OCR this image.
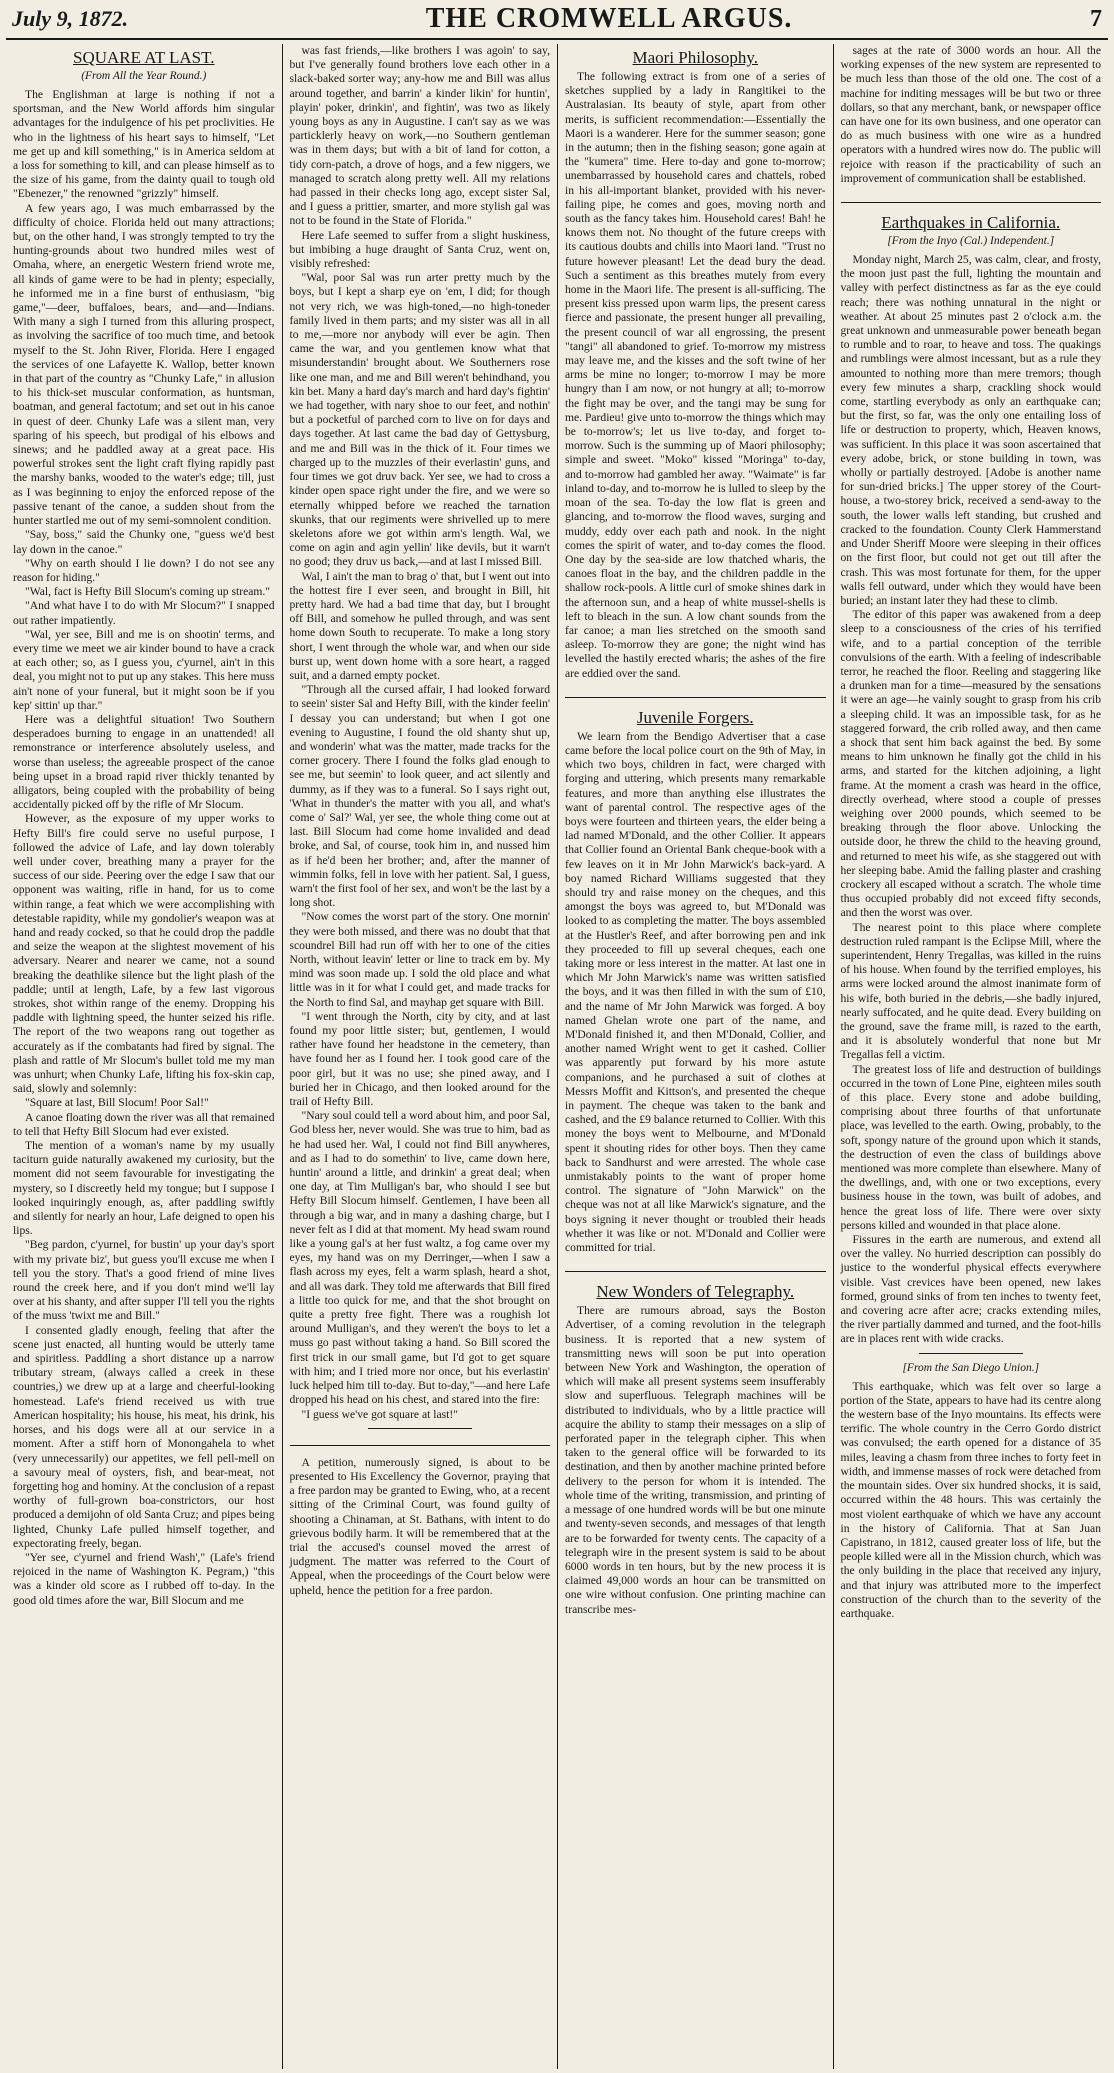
July 9, 1872.	THE CROMWELL ARGUS.	7
SQUARE AT LAST.
(From All the Year Round.)

The Englishman at large is nothing if not a sportsman, and the New World affords him singular advantages for the indulgence of his pet proclivities. He who in the lightness of his heart says to himself, "Let me get up and kill something," is in America seldom at a loss for something to kill, and can please himself as to the size of his game, from the dainty quail to tough old "Ebenezer," the renowned "grizzly" himself.

A few years ago, I was much embarrassed by the difficulty of choice. Florida held out many attractions; but, on the other hand, I was strongly tempted to try the hunting-grounds about two hundred miles west of Omaha, where, an energetic Western friend wrote me, all kinds of game were to be had in plenty; especially, he informed me in a fine burst of enthusiasm, "big game,"—deer, buffaloes, bears, and—and—Indians. With many a sigh I turned from this alluring prospect, as involving the sacrifice of too much time, and betook myself to the St. John River, Florida. Here I engaged the services of one Lafayette K. Wallop, better known in that part of the country as "Chunky Lafe," in allusion to his thick-set muscular conformation, as huntsman, boatman, and general factotum; and set out in his canoe in quest of deer. Chunky Lafe was a silent man, very sparing of his speech, but prodigal of his elbows and sinews; and he paddled away at a great pace. His powerful strokes sent the light craft flying rapidly past the marshy banks, wooded to the water's edge; till, just as I was beginning to enjoy the enforced repose of the passive tenant of the canoe, a sudden shout from the hunter startled me out of my semi-somnolent condition.

"Say, boss," said the Chunky one, "guess we'd best lay down in the canoe."

"Why on earth should I lie down? I do not see any reason for hiding."

"Wal, fact is Hefty Bill Slocum's coming up stream."

"And what have I to do with Mr Slocum?" I snapped out rather impatiently.

"Wal, yer see, Bill and me is on shootin' terms, and every time we meet we air kinder bound to have a crack at each other; so, as I guess you, c'yurnel, ain't in this deal, you might not to put up any stakes. This here muss ain't none of your funeral, but it might soon be if you kep' sittin' up thar."

Here was a delightful situation! Two Southern desperadoes burning to engage in an unattended! all remonstrance or interference absolutely useless, and worse than useless; the agreeable prospect of the canoe being upset in a broad rapid river thickly tenanted by alligators, being coupled with the probability of being accidentally picked off by the rifle of Mr Slocum.

However, as the exposure of my upper works to Hefty Bill's fire could serve no useful purpose, I followed the advice of Lafe, and lay down tolerably well under cover, breathing many a prayer for the success of our side. Peering over the edge I saw that our opponent was waiting, rifle in hand, for us to come within range, a feat which we were accomplishing with detestable rapidity, while my gondolier's weapon was at hand and ready cocked, so that he could drop the paddle and seize the weapon at the slightest movement of his adversary. Nearer and nearer we came, not a sound breaking the deathlike silence but the light plash of the paddle; until at length, Lafe, by a few last vigorous strokes, shot within range of the enemy. Dropping his paddle with lightning speed, the hunter seized his rifle. The report of the two weapons rang out together as accurately as if the combatants had fired by signal. The plash and rattle of Mr Slocum's bullet told me my man was unhurt; when Chunky Lafe, lifting his fox-skin cap, said, slowly and solemnly:

"Square at last, Bill Slocum! Poor Sal!"

A canoe floating down the river was all that remained to tell that Hefty Bill Slocum had ever existed.

The mention of a woman's name by my usually taciturn guide naturally awakened my curiosity, but the moment did not seem favourable for investigating the mystery, so I discreetly held my tongue; but I suppose I looked inquiringly enough, as, after paddling swiftly and silently for nearly an hour, Lafe deigned to open his lips.

"Beg pardon, c'yurnel, for bustin' up your day's sport with my private biz', but guess you'll excuse me when I tell you the story. That's a good friend of mine lives round the creek here, and if you don't mind we'll lay over at his shanty, and after supper I'll tell you the rights of the muss 'twixt me and Bill."

I consented gladly enough, feeling that after the scene just enacted, all hunting would be utterly tame and spiritless. Paddling a short distance up a narrow tributary stream, (always called a creek in these countries,) we drew up at a large and cheerful-looking homestead. Lafe's friend received us with true American hospitality; his house, his meat, his drink, his horses, and his dogs were all at our service in a moment. After a stiff horn of Monongahela to whet (very unnecessarily) our appetites, we fell pell-mell on a savoury meal of oysters, fish, and bear-meat, not forgetting hog and hominy. At the conclusion of a repast worthy of full-grown boa-constrictors, our host produced a demijohn of old Santa Cruz; and pipes being lighted, Chunky Lafe pulled himself together, and expectorating freely, began.

"Yer see, c'yurnel and friend Wash'," (Lafe's friend rejoiced in the name of Washington K. Pegram,) "this was a kinder old score as I rubbed off to-day. In the good old times afore the war, Bill Slocum and me

was fast friends,—like brothers I was agoin' to say, but I've generally found brothers love each other in a slack-baked sorter way; any-how me and Bill was allus around together, and barrin' a kinder likin' for huntin', playin' poker, drinkin', and fightin', was two as likely young boys as any in Augustine. I can't say as we was particklerly heavy on work,—no Southern gentleman was in them days; but with a bit of land for cotton, a tidy corn-patch, a drove of hogs, and a few niggers, we managed to scratch along pretty well. All my relations had passed in their checks long ago, except sister Sal, and I guess a prittier, smarter, and more stylish gal was not to be found in the State of Florida."

Here Lafe seemed to suffer from a slight huskiness, but imbibing a huge draught of Santa Cruz, went on, visibly refreshed:

"Wal, poor Sal was run arter pretty much by the boys, but I kept a sharp eye on 'em, I did; for though not very rich, we was high-toned,—no high-toneder family lived in them parts; and my sister was all in all to me,—more nor anybody will ever be agin. Then came the war, and you gentlemen know what that misunderstandin' brought about. We Southerners rose like one man, and me and Bill weren't behindhand, you kin bet. Many a hard day's march and hard day's fightin' we had together, with nary shoe to our feet, and nothin' but a pocketful of parched corn to live on for days and days together. At last came the bad day of Gettysburg, and me and Bill was in the thick of it. Four times we charged up to the muzzles of their everlastin' guns, and four times we got druv back. Yer see, we had to cross a kinder open space right under the fire, and we were so eternally whipped before we reached the tarnation skunks, that our regiments were shrivelled up to mere skeletons afore we got within arm's length. Wal, we come on agin and agin yellin' like devils, but it warn't no good; they druv us back,—and at last I missed Bill.

Wal, I ain't the man to brag o' that, but I went out into the hottest fire I ever seen, and brought in Bill, hit pretty hard. We had a bad time that day, but I brought off Bill, and somehow he pulled through, and was sent home down South to recuperate. To make a long story short, I went through the whole war, and when our side burst up, went down home with a sore heart, a ragged suit, and a darned empty pocket.

"Through all the cursed affair, I had looked forward to seein' sister Sal and Hefty Bill, with the kinder feelin' I dessay you can understand; but when I got one evening to Augustine, I found the old shanty shut up, and wonderin' what was the matter, made tracks for the corner grocery. There I found the folks glad enough to see me, but seemin' to look queer, and act silently and dummy, as if they was to a funeral. So I says right out, 'What in thunder's the matter with you all, and what's come o' Sal?' Wal, yer see, the whole thing come out at last. Bill Slocum had come home invalided and dead broke, and Sal, of course, took him in, and nussed him as if he'd been her brother; and, after the manner of wimmin folks, fell in love with her patient. Sal, I guess, warn't the first fool of her sex, and won't be the last by a long shot.

"Now comes the worst part of the story. One mornin' they were both missed, and there was no doubt that that scoundrel Bill had run off with her to one of the cities North, without leavin' letter or line to track em by. My mind was soon made up. I sold the old place and what little was in it for what I could get, and made tracks for the North to find Sal, and mayhap get square with Bill.

"I went through the North, city by city, and at last found my poor little sister; but, gentlemen, I would rather have found her headstone in the cemetery, than have found her as I found her. I took good care of the poor girl, but it was no use; she pined away, and I buried her in Chicago, and then looked around for the trail of Hefty Bill.

"Nary soul could tell a word about him, and poor Sal, God bless her, never would. She was true to him, bad as he had used her. Wal, I could not find Bill anywheres, and as I had to do somethin' to live, came down here, huntin' around a little, and drinkin' a great deal; when one day, at Tim Mulligan's bar, who should I see but Hefty Bill Slocum himself. Gentlemen, I have been all through a big war, and in many a dashing charge, but I never felt as I did at that moment. My head swam round like a young gal's at her fust waltz, a fog came over my eyes, my hand was on my Derringer,—when I saw a flash across my eyes, felt a warm splash, heard a shot, and all was dark. They told me afterwards that Bill fired a little too quick for me, and that the shot brought on quite a pretty free fight. There was a roughish lot around Mulligan's, and they weren't the boys to let a muss go past without taking a hand. So Bill scored the first trick in our small game, but I'd got to get square with him; and I tried more nor once, but his everlastin' luck helped him till to-day. But to-day,"—and here Lafe dropped his head on his chest, and stared into the fire:

"I guess we've got square at last!"

A petition, numerously signed, is about to be presented to His Excellency the Governor, praying that a free pardon may be granted to Ewing, who, at a recent sitting of the Criminal Court, was found guilty of shooting a Chinaman, at St. Bathans, with intent to do grievous bodily harm. It will be remembered that at the trial the accused's counsel moved the arrest of judgment. The matter was referred to the Court of Appeal, when the proceedings of the Court below were upheld, hence the petition for a free pardon.

Maori Philosophy.

The following extract is from one of a series of sketches supplied by a lady in Rangitikei to the Australasian. Its beauty of style, apart from other merits, is sufficient recommendation:—Essentially the Maori is a wanderer. Here for the summer season; gone in the autumn; then in the fishing season; gone again at the "kumera" time. Here to-day and gone to-morrow; unembarrassed by household cares and chattels, robed in his all-important blanket, provided with his never-failing pipe, he comes and goes, moving north and south as the fancy takes him. Household cares! Bah! he knows them not. No thought of the future creeps with its cautious doubts and chills into Maori land. "Trust no future however pleasant! Let the dead bury the dead. Such a sentiment as this breathes mutely from every home in the Maori life. The present is all-sufficing. The present kiss pressed upon warm lips, the present caress fierce and passionate, the present hunger all prevailing, the present council of war all engrossing, the present "tangi" all abandoned to grief. To-morrow my mistress may leave me, and the kisses and the soft twine of her arms be mine no longer; to-morrow I may be more hungry than I am now, or not hungry at all; to-morrow the fight may be over, and the tangi may be sung for me. Pardieu! give unto to-morrow the things which may be to-morrow's; let us live to-day, and forget to-morrow. Such is the summing up of Maori philosophy; simple and sweet. "Moko" kissed "Moringa" to-day, and to-morrow had gambled her away. "Waimate" is far inland to-day, and to-morrow he is lulled to sleep by the moan of the sea. To-day the low flat is green and glancing, and to-morrow the flood waves, surging and muddy, eddy over each path and nook. In the night comes the spirit of water, and to-day comes the flood. One day by the sea-side are low thatched wharis, the canoes float in the bay, and the children paddle in the shallow rock-pools. A little curl of smoke shines dark in the afternoon sun, and a heap of white mussel-shells is left to bleach in the sun. A low chant sounds from the far canoe; a man lies stretched on the smooth sand asleep. To-morrow they are gone; the night wind has levelled the hastily erected wharis; the ashes of the fire are eddied over the sand.

Juvenile Forgers.

We learn from the Bendigo Advertiser that a case came before the local police court on the 9th of May, in which two boys, children in fact, were charged with forging and uttering, which presents many remarkable features, and more than anything else illustrates the want of parental control. The respective ages of the boys were fourteen and thirteen years, the elder being a lad named M'Donald, and the other Collier. It appears that Collier found an Oriental Bank cheque-book with a few leaves on it in Mr John Marwick's back-yard. A boy named Richard Williams suggested that they should try and raise money on the cheques, and this amongst the boys was agreed to, but M'Donald was looked to as completing the matter. The boys assembled at the Hustler's Reef, and after borrowing pen and ink they proceeded to fill up several cheques, each one taking more or less interest in the matter. At last one in which Mr John Marwick's name was written satisfied the boys, and it was then filled in with the sum of £10, and the name of Mr John Marwick was forged. A boy named Ghelan wrote one part of the name, and M'Donald finished it, and then M'Donald, Collier, and another named Wright went to get it cashed. Collier was apparently put forward by his more astute companions, and he purchased a suit of clothes at Messrs Moffit and Kittson's, and presented the cheque in payment. The cheque was taken to the bank and cashed, and the £9 balance returned to Collier. With this money the boys went to Melbourne, and M'Donald spent it shouting rides for other boys. Then they came back to Sandhurst and were arrested. The whole case unmistakably points to the want of proper home control. The signature of "John Marwick" on the cheque was not at all like Marwick's signature, and the boys signing it never thought or troubled their heads whether it was like or not. M'Donald and Collier were committed for trial.

New Wonders of Telegraphy.

There are rumours abroad, says the Boston Advertiser, of a coming revolution in the telegraph business. It is reported that a new system of transmitting news will soon be put into operation between New York and Washington, the operation of which will make all present systems seem insufferably slow and superfluous. Telegraph machines will be distributed to individuals, who by a little practice will acquire the ability to stamp their messages on a slip of perforated paper in the telegraph cipher. This when taken to the general office will be forwarded to its destination, and then by another machine printed before delivery to the person for whom it is intended. The whole time of the writing, transmission, and printing of a message of one hundred words will be but one minute and twenty-seven seconds, and messages of that length are to be forwarded for twenty cents. The capacity of a telegraph wire in the present system is said to be about 6000 words in ten hours, but by the new process it is claimed 49,000 words an hour can be transmitted on one wire without confusion. One printing machine can transcribe mes-

sages at the rate of 3000 words an hour. All the working expenses of the new system are represented to be much less than those of the old one. The cost of a machine for inditing messages will be but two or three dollars, so that any merchant, bank, or newspaper office can have one for its own business, and one operator can do as much business with one wire as a hundred operators with a hundred wires now do. The public will rejoice with reason if the practicability of such an improvement of communication shall be established.

Earthquakes in California.
[From the Inyo (Cal.) Independent.]

Monday night, March 25, was calm, clear, and frosty, the moon just past the full, lighting the mountain and valley with perfect distinctness as far as the eye could reach; there was nothing unnatural in the night or weather. At about 25 minutes past 2 o'clock a.m. the great unknown and unmeasurable power beneath began to rumble and to roar, to heave and toss. The quakings and rumblings were almost incessant, but as a rule they amounted to nothing more than mere tremors; though every few minutes a sharp, crackling shock would come, startling everybody as only an earthquake can; but the first, so far, was the only one entailing loss of life or destruction to property, which, Heaven knows, was sufficient. In this place it was soon ascertained that every adobe, brick, or stone building in town, was wholly or partially destroyed. [Adobe is another name for sun-dried bricks.] The upper storey of the Court-house, a two-storey brick, received a send-away to the south, the lower walls left standing, but crushed and cracked to the foundation. County Clerk Hammerstand and Under Sheriff Moore were sleeping in their offices on the first floor, but could not get out till after the crash. This was most fortunate for them, for the upper walls fell outward, under which they would have been buried; an instant later they had these to climb.

The editor of this paper was awakened from a deep sleep to a consciousness of the cries of his terrified wife, and to a partial conception of the terrible convulsions of the earth. With a feeling of indescribable terror, he reached the floor. Reeling and staggering like a drunken man for a time—measured by the sensations it were an age—he vainly sought to grasp from his crib a sleeping child. It was an impossible task, for as he staggered forward, the crib rolled away, and then came a shock that sent him back against the bed. By some means to him unknown he finally got the child in his arms, and started for the kitchen adjoining, a light frame. At the moment a crash was heard in the office, directly overhead, where stood a couple of presses weighing over 2000 pounds, which seemed to be breaking through the floor above. Unlocking the outside door, he threw the child to the heaving ground, and returned to meet his wife, as she staggered out with her sleeping babe. Amid the falling plaster and crashing crockery all escaped without a scratch. The whole time thus occupied probably did not exceed fifty seconds, and then the worst was over.

The nearest point to this place where complete destruction ruled rampant is the Eclipse Mill, where the superintendent, Henry Tregallas, was killed in the ruins of his house. When found by the terrified employes, his arms were locked around the almost inanimate form of his wife, both buried in the debris,—she badly injured, nearly suffocated, and he quite dead. Every building on the ground, save the frame mill, is razed to the earth, and it is absolutely wonderful that none but Mr Tregallas fell a victim.

The greatest loss of life and destruction of buildings occurred in the town of Lone Pine, eighteen miles south of this place. Every stone and adobe building, comprising about three fourths of that unfortunate place, was levelled to the earth. Owing, probably, to the soft, spongy nature of the ground upon which it stands, the destruction of even the class of buildings above mentioned was more complete than elsewhere. Many of the dwellings, and, with one or two exceptions, every business house in the town, was built of adobes, and hence the great loss of life. There were over sixty persons killed and wounded in that place alone.

Fissures in the earth are numerous, and extend all over the valley. No hurried description can possibly do justice to the wonderful physical effects everywhere visible. Vast crevices have been opened, new lakes formed, ground sinks of from ten inches to twenty feet, and covering acre after acre; cracks extending miles, the river partially dammed and turned, and the foot-hills are in places rent with wide cracks.

[From the San Diego Union.]

This earthquake, which was felt over so large a portion of the State, appears to have had its centre along the western base of the Inyo mountains. Its effects were terrific. The whole country in the Cerro Gordo district was convulsed; the earth opened for a distance of 35 miles, leaving a chasm from three inches to forty feet in width, and immense masses of rock were detached from the mountain sides. Over six hundred shocks, it is said, occurred within the 48 hours. This was certainly the most violent earthquake of which we have any account in the history of California. That at San Juan Capistrano, in 1812, caused greater loss of life, but the people killed were all in the Mission church, which was the only building in the place that received any injury, and that injury was attributed more to the imperfect construction of the church than to the severity of the earthquake.
